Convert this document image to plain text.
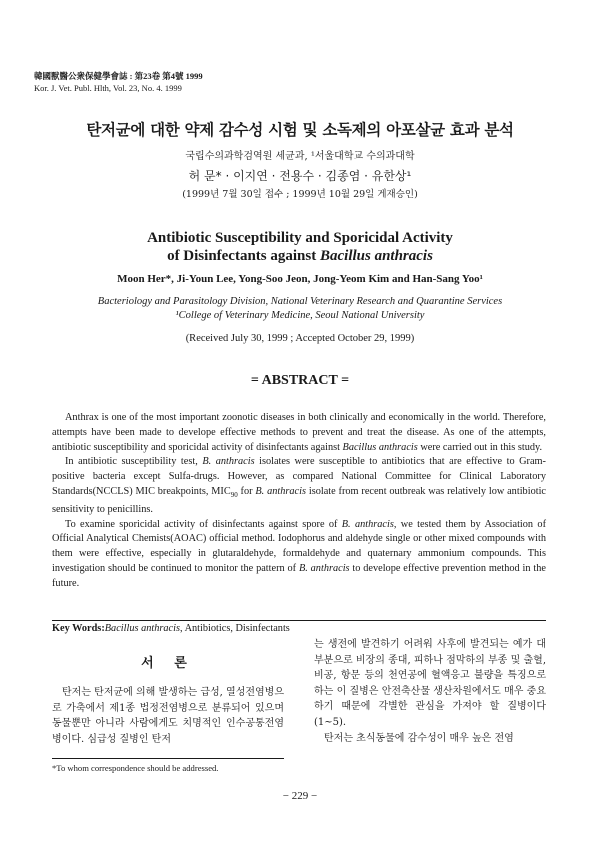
韓國獸醫公衆保健學會誌 : 第23卷 第4號 1999
Kor. J. Vet. Publ. Hlth, Vol. 23, No. 4. 1999
탄저균에 대한 약제 감수성 시험 및 소독제의 아포살균 효과 분석
국립수의과학검역원 세균과, ¹서울대학교 수의과대학
허 문* · 이지연 · 전용수 · 김종염 · 유한상¹
(1999년 7월 30일 접수 ; 1999년 10월 29일 게재승인)
Antibiotic Susceptibility and Sporicidal Activity
of Disinfectants against Bacillus anthracis
Moon Her*, Ji-Youn Lee, Yong-Soo Jeon, Jong-Yeom Kim and Han-Sang Yoo¹
Bacteriology and Parasitology Division, National Veterinary Research and Quarantine Services
¹College of Veterinary Medicine, Seoul National University
(Received July 30, 1999 ; Accepted October 29, 1999)
= ABSTRACT =

Anthrax is one of the most important zoonotic diseases in both clinically and economically in the world. Therefore, attempts have been made to develope effective methods to prevent and treat the disease. As one of the attempts, antibiotic susceptibility and sporicidal activity of disinfectants against Bacillus anthracis were carried out in this study.

In antibiotic susceptibility test, B. anthracis isolates were susceptible to antibiotics that are effective to Gram-positive bacteria except Sulfa-drugs. However, as compared National Committee for Clinical Laboratory Standards(NCCLS) MIC breakpoints, $MIC_{90}$ for B. anthracis isolate from recent outbreak was relatively low antibiotic sensitivity to penicillins.

To examine sporicidal activity of disinfectants against spore of B. anthracis, we tested them by Association of Official Analytical Chemists(AOAC) official method. Iodophorus and aldehyde single or other mixed compounds with them were effective, especially in glutaraldehyde, formaldehyde and quaternary ammonium compounds. This investigation should be continued to monitor the pattern of B. anthracis to develope effective prevention method in the future.

Key Words:Bacillus anthracis, Antibiotics, Disinfectants
서 론

탄저는 탄저균에 의해 발생하는 급성, 열성전염병으로 가축에서 제1종 법정전염병으로 분류되어 있으며 동물뿐만 아니라 사람에게도 치명적인 인수공통전염병이다. 심급성 질병인 탄저

는 생전에 발견하기 어려워 사후에 발견되는 예가 대부분으로 비장의 종대, 피하나 점막하의 부종 및 출혈, 비공, 항문 등의 천연공에 혈액응고 불량을 특징으로 하는 이 질병은 안전축산물 생산차원에서도 매우 중요하기 때문에 각별한 관심을 가져야 할 질병이다(1~5).

탄저는 초식동물에 감수성이 매우 높은 전염

*To whom correspondence should be addressed.
− 229 −
